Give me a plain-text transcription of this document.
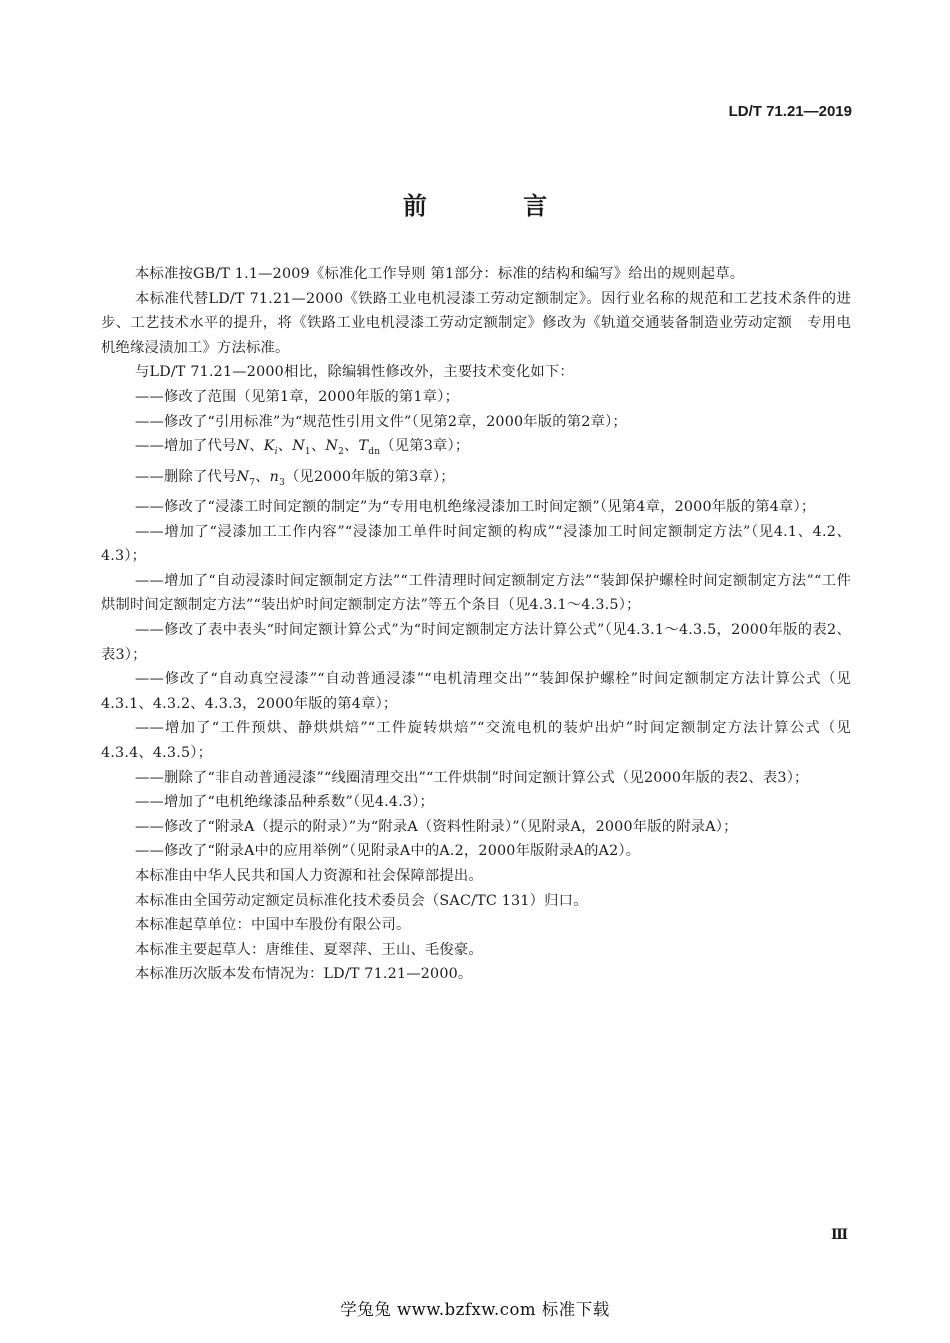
LD/T 71.21—2019
前 言

本标准按GB/T 1.1—2009《标准化工作导则 第1部分：标准的结构和编写》给出的规则起草。

本标准代替LD/T 71.21—2000《铁路工业电机浸漆工劳动定额制定》。因行业名称的规范和工艺技术条件的进步、工艺技术水平的提升，将《铁路工业电机浸漆工劳动定额制定》修改为《轨道交通装备制造业劳动定额　专用电机绝缘浸渍加工》方法标准。

与LD/T 71.21—2000相比，除编辑性修改外，主要技术变化如下：

——修改了范围（见第1章，2000年版的第1章）；

——修改了“引用标准”为“规范性引用文件”（见第2章，2000年版的第2章）；

——增加了代号N、$K_i$、$N_1$、$N_2$、$T_{dn}$（见第3章）；

——删除了代号$N_7$、$n_3$（见2000年版的第3章）；

——修改了“浸漆工时间定额的制定”为“专用电机绝缘浸漆加工时间定额”（见第4章，2000年版的第4章）；

——增加了“浸漆加工工作内容”“浸漆加工单件时间定额的构成”“浸漆加工时间定额制定方法”（见4.1、4.2、4.3）；

——增加了“自动浸漆时间定额制定方法”“工件清理时间定额制定方法”“装卸保护螺栓时间定额制定方法”“工件烘制时间定额制定方法”“装出炉时间定额制定方法”等五个条目（见4.3.1～4.3.5）；

——修改了表中表头“时间定额计算公式”为“时间定额制定方法计算公式”（见4.3.1～4.3.5，2000年版的表2、表3）；

——修改了“自动真空浸漆”“自动普通浸漆”“电机清理交出”“装卸保护螺栓”时间定额制定方法计算公式（见4.3.1、4.3.2、4.3.3，2000年版的第4章）；

——增加了“工件预烘、静烘烘焙”“工件旋转烘焙”“交流电机的装炉出炉”时间定额制定方法计算公式（见4.3.4、4.3.5）；

——删除了“非自动普通浸漆”“线圈清理交出”“工件烘制”时间定额计算公式（见2000年版的表2、表3）；

——增加了“电机绝缘漆品种系数”（见4.4.3）；

——修改了“附录A（提示的附录）”为“附录A（资料性附录）”（见附录A，2000年版的附录A）；

——修改了“附录A中的应用举例”（见附录A中的A.2，2000年版附录A的A2）。

本标准由中华人民共和国人力资源和社会保障部提出。

本标准由全国劳动定额定员标准化技术委员会（SAC/TC 131）归口。

本标准起草单位：中国中车股份有限公司。

本标准主要起草人：唐维佳、夏翠萍、王山、毛俊豪。

本标准历次版本发布情况为：LD/T 71.21—2000。

Ⅲ
学兔兔 www.bzfxw.com 标准下载
